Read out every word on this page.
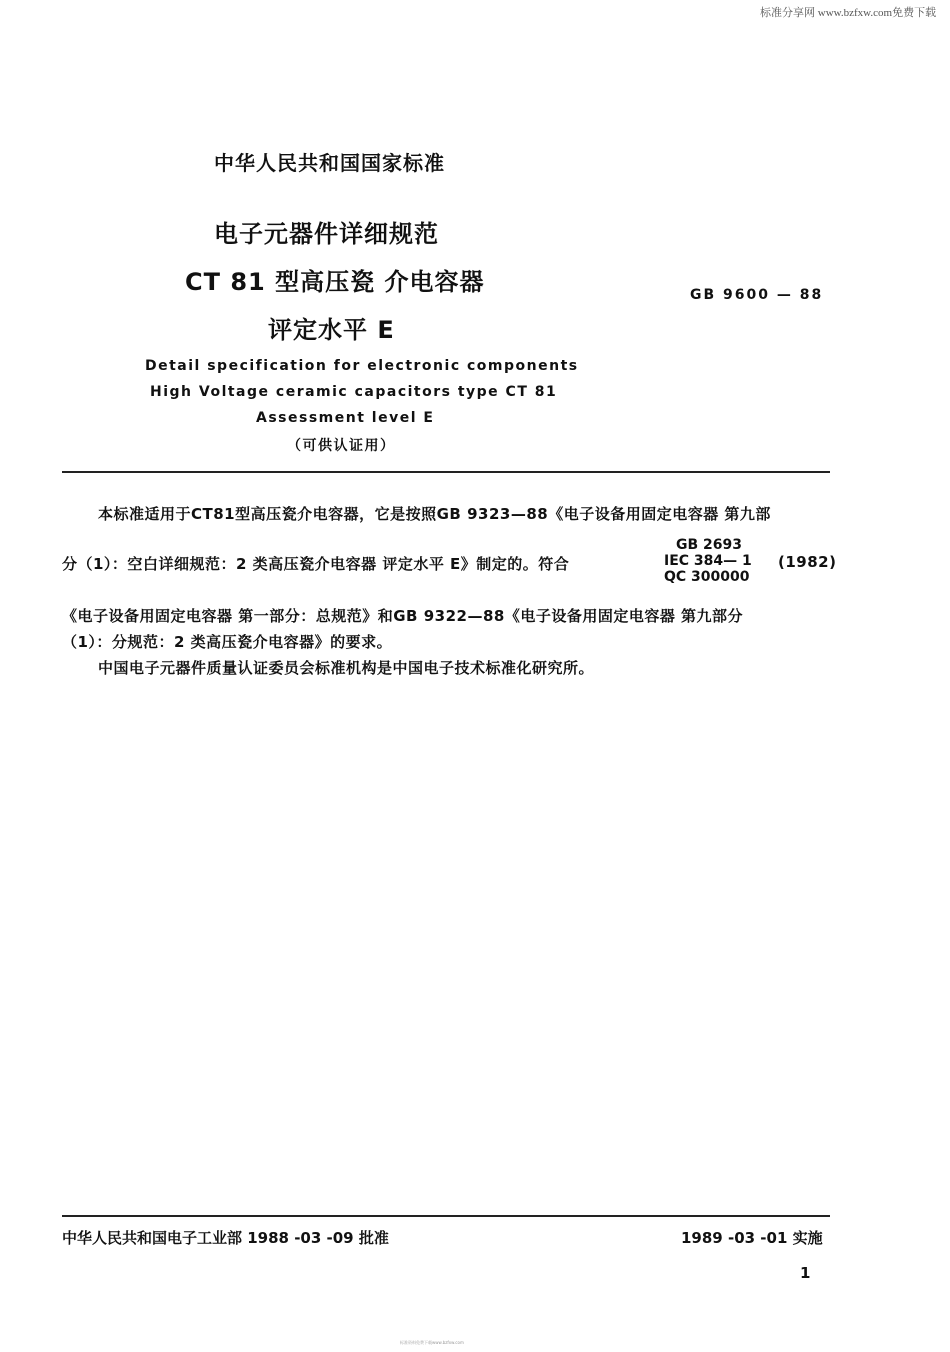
标准分享网 www.bzfxw.com免费下载
中华人民共和国国家标准
电子元器件详细规范
CT 81 型高压瓷 介电容器
评定水平 E
GB 9600 — 88
Detail specification for electronic components
High Voltage ceramic capacitors type CT 81
Assessment level E
（可供认证用）
本标准适用于CT81型高压瓷介电容器，它是按照GB 9323—88《电子设备用固定电容器 第九部
分（1）：空白详细规范：2 类高压瓷介电容器 评定水平 E》制定的。符合
GB 2693
IEC 384— 1
QC 300000
(1982)
《电子设备用固定电容器 第一部分：总规范》和GB 9322—88《电子设备用固定电容器 第九部分
（1）：分规范：2 类高压瓷介电容器》的要求。
中国电子元器件质量认证委员会标准机构是中国电子技术标准化研究所。
中华人民共和国电子工业部 1988 -03 -09 批准	1989 -03 -01 实施
1
标准资料免费下载www.bzfxw.com
